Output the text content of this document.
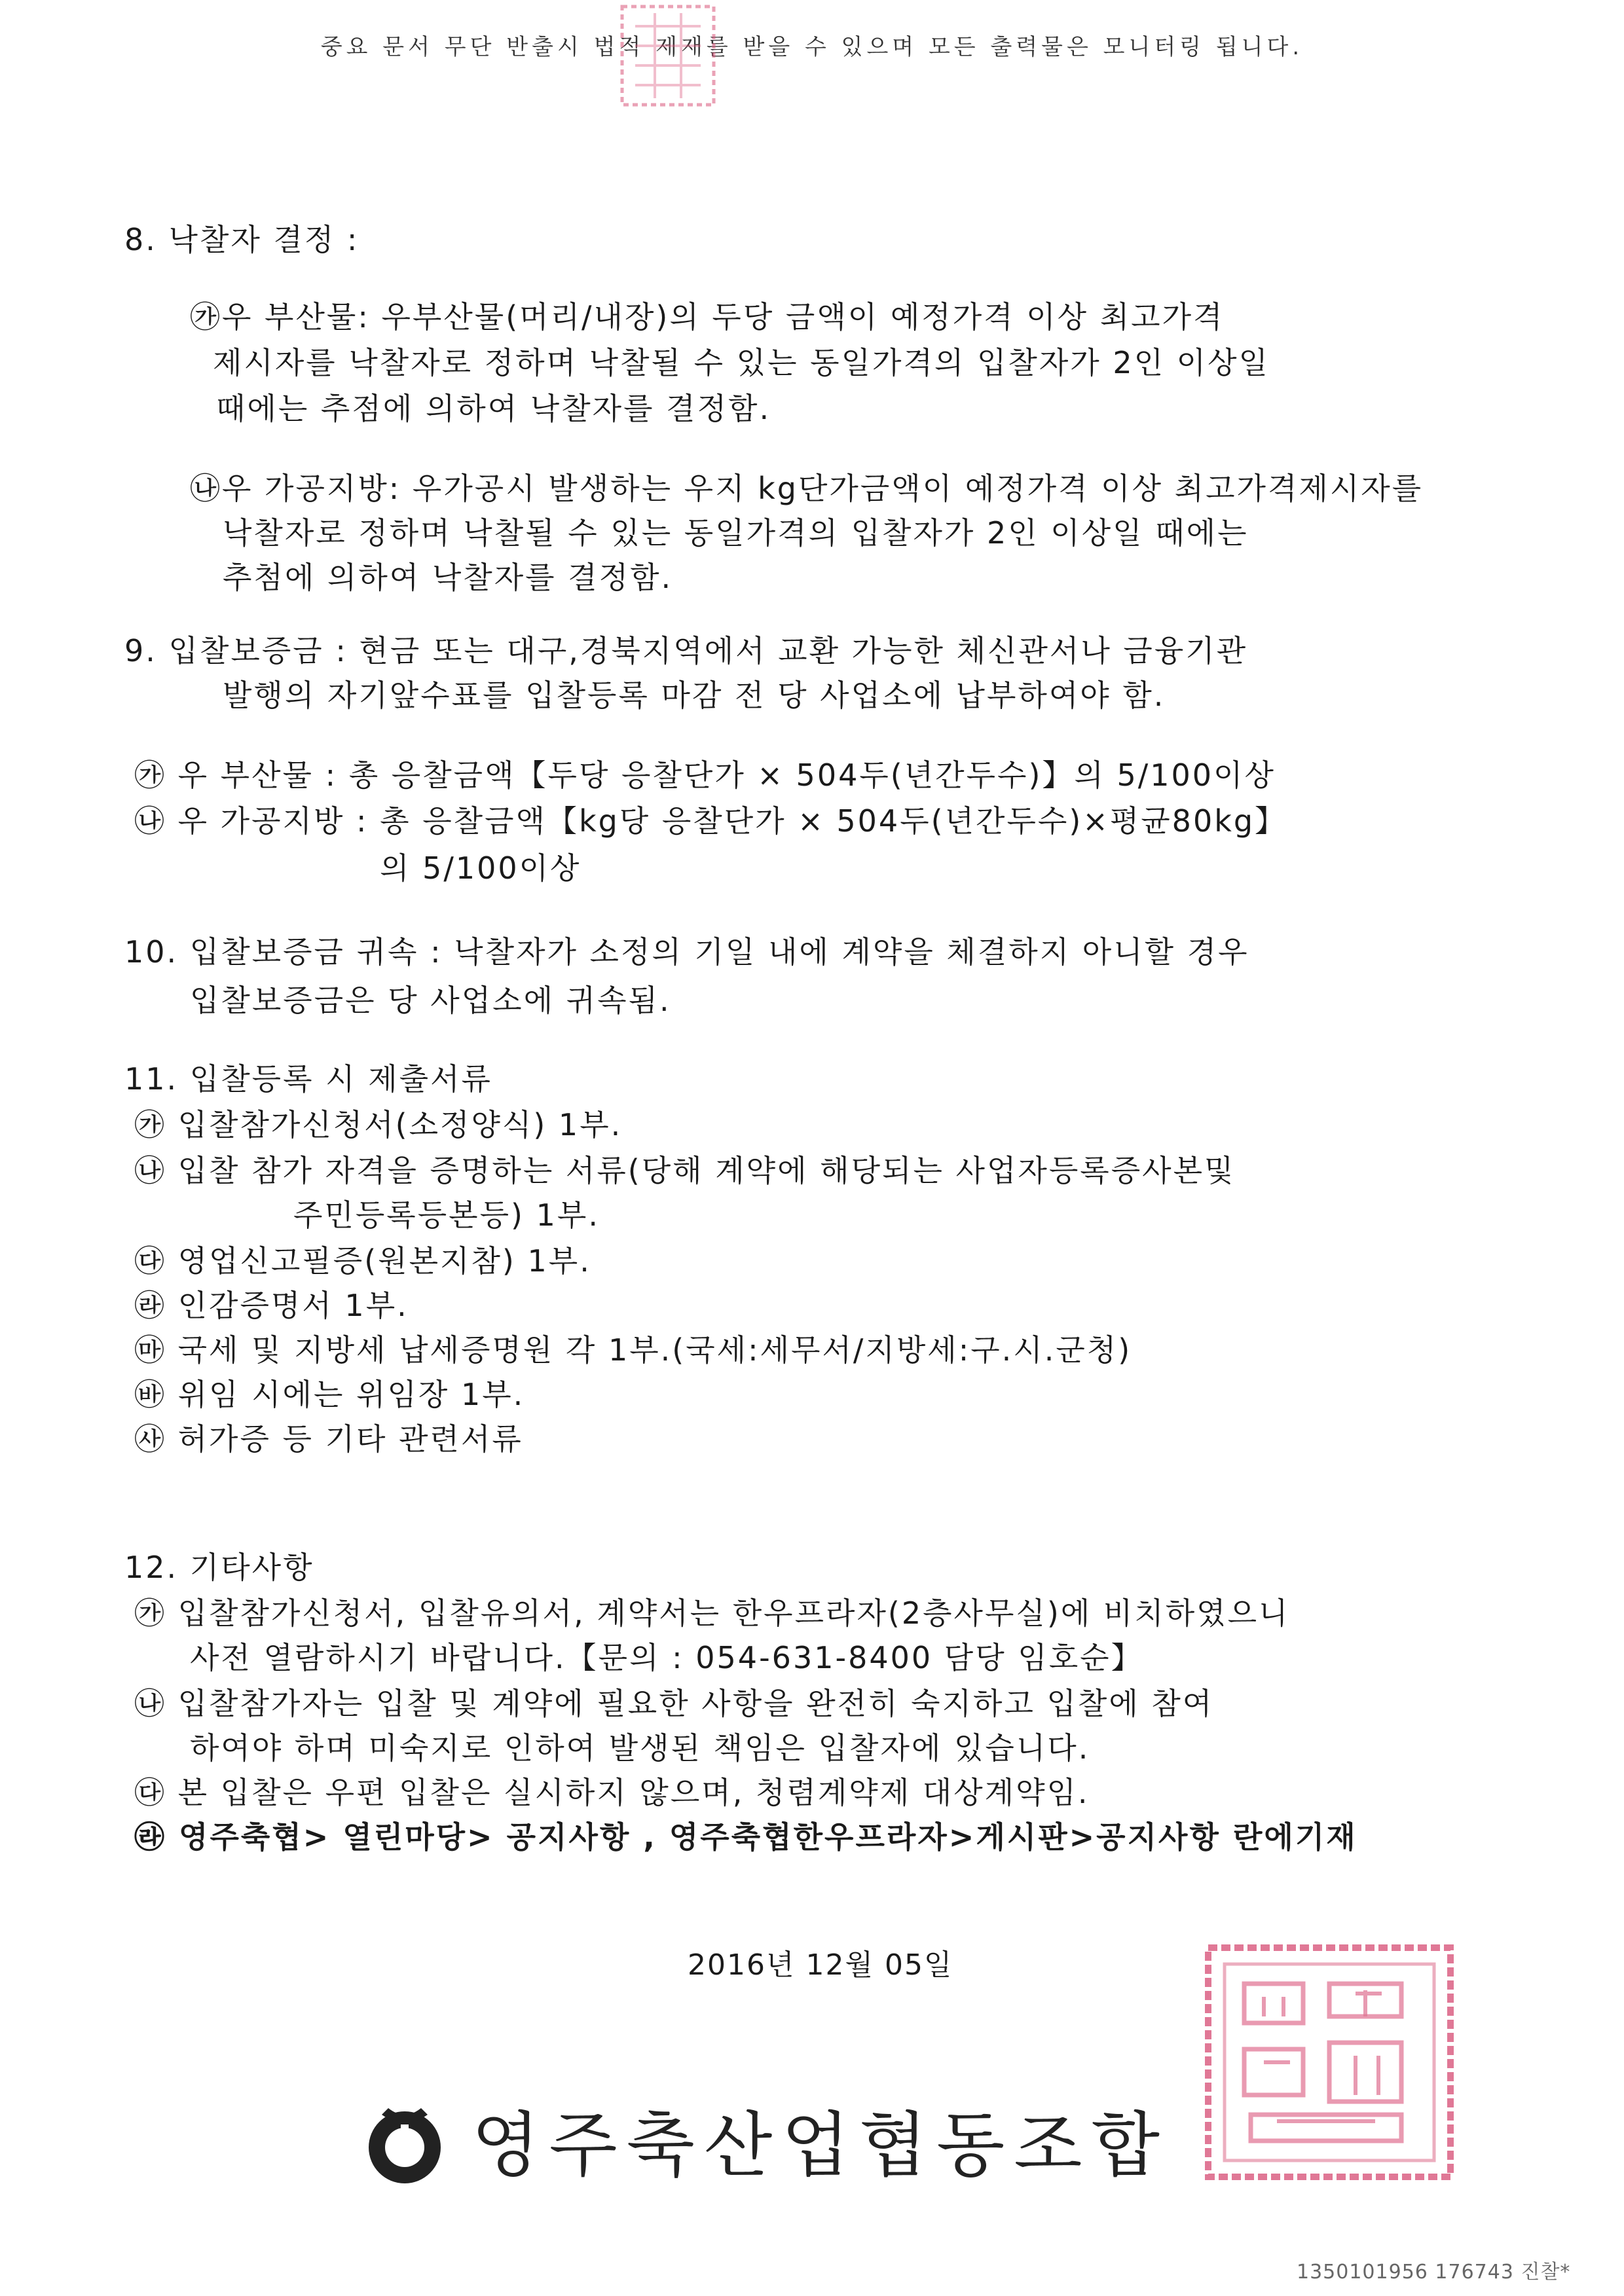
중요 문서 무단 반출시 법적 제재를 받을 수 있으며 모든 출력물은 모니터링 됩니다.
8. 낙찰자 결정 :
㉮우 부산물: 우부산물(머리/내장)의 두당 금액이 예정가격 이상 최고가격
제시자를 낙찰자로 정하며 낙찰될 수 있는 동일가격의 입찰자가 2인 이상일
때에는 추점에 의하여 낙찰자를 결정함.
㉯우 가공지방: 우가공시 발생하는 우지 kg단가금액이 예정가격 이상 최고가격제시자를
낙찰자로 정하며 낙찰될 수 있는 동일가격의 입찰자가 2인 이상일 때에는
추첨에 의하여 낙찰자를 결정함.
9. 입찰보증금 : 현금 또는 대구,경북지역에서 교환 가능한 체신관서나 금융기관
발행의 자기앞수표를 입찰등록 마감 전 당 사업소에 납부하여야 함.
㉮ 우 부산물 : 총 응찰금액【두당 응찰단가 × 504두(년간두수)】의 5/100이상
㉯ 우 가공지방 : 총 응찰금액【kg당 응찰단가 × 504두(년간두수)×평균80kg】
의 5/100이상
10. 입찰보증금 귀속 : 낙찰자가 소정의 기일 내에 계약을 체결하지 아니할 경우
입찰보증금은 당 사업소에 귀속됨.
11. 입찰등록 시 제출서류
㉮ 입찰참가신청서(소정양식) 1부.
㉯ 입찰 참가 자격을 증명하는 서류(당해 계약에 해당되는 사업자등록증사본및
주민등록등본등) 1부.
㉰ 영업신고필증(원본지참) 1부.
㉱ 인감증명서 1부.
㉲ 국세 및 지방세 납세증명원 각 1부.(국세:세무서/지방세:구.시.군청)
㉳ 위임 시에는 위임장 1부.
㉴ 허가증 등 기타 관련서류
12. 기타사항
㉮ 입찰참가신청서, 입찰유의서, 계약서는 한우프라자(2층사무실)에 비치하였으니
사전 열람하시기 바랍니다.【문의 : 054-631-8400 담당 임호순】
㉯ 입찰참가자는 입찰 및 계약에 필요한 사항을 완전히 숙지하고 입찰에 참여
하여야 하며 미숙지로 인하여 발생된 책임은 입찰자에 있습니다.
㉰ 본 입찰은 우편 입찰은 실시하지 않으며, 청렴계약제 대상계약임.
㉱ 영주축협> 열린마당> 공지사항 , 영주축협한우프라자>게시판>공지사항 란에기재
2016년 12월 05일
영주축산업협동조합
1350101956 176743 진찰*
